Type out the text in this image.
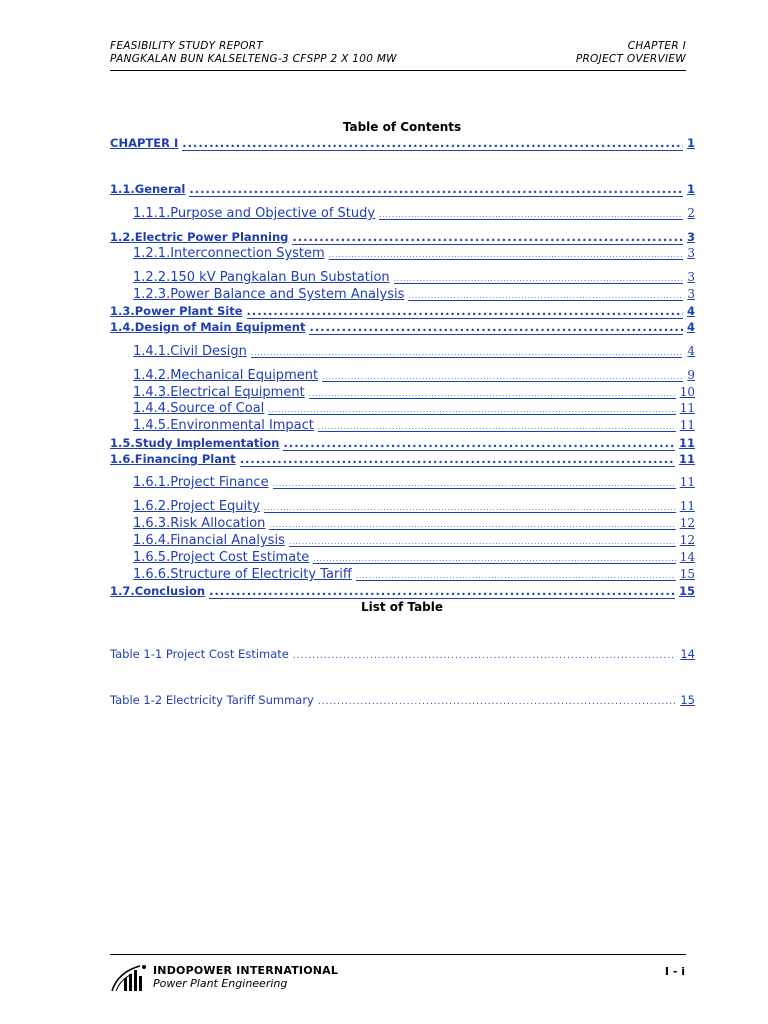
FEASIBILITY STUDY REPORT	CHAPTER I
PANGKALAN BUN KALSELTENG-3 CFSPP 2 X 100 MW	PROJECT OVERVIEW
Table of Contents
CHAPTER I .....	1
1.1. General .....	1
1.1.1. Purpose and Objective of Study .....	2
1.2. Electric Power Planning .....	3
1.2.1. Interconnection System .....	3
1.2.2. 150 kV Pangkalan Bun Substation .....	3
1.2.3. Power Balance and System Analysis .....	3
1.3. Power Plant Site .....	4
1.4. Design of Main Equipment .....	4
1.4.1. Civil Design .....	4
1.4.2. Mechanical Equipment .....	9
1.4.3. Electrical Equipment .....	10
1.4.4. Source of Coal .....	11
1.4.5. Environmental Impact .....	11
1.5. Study Implementation .....	11
1.6. Financing Plant .....	11
1.6.1. Project Finance .....	11
1.6.2. Project Equity .....	11
1.6.3. Risk Allocation .....	12
1.6.4. Financial Analysis .....	12
1.6.5. Project Cost Estimate .....	14
1.6.6. Structure of Electricity Tariff .....	15
1.7. Conclusion .....	15
List of Table
Table 1-1 Project Cost Estimate .....	14
Table 1-2 Electricity Tariff Summary .....	15
INDOPOWER INTERNATIONAL
Power Plant Engineering
I - i
